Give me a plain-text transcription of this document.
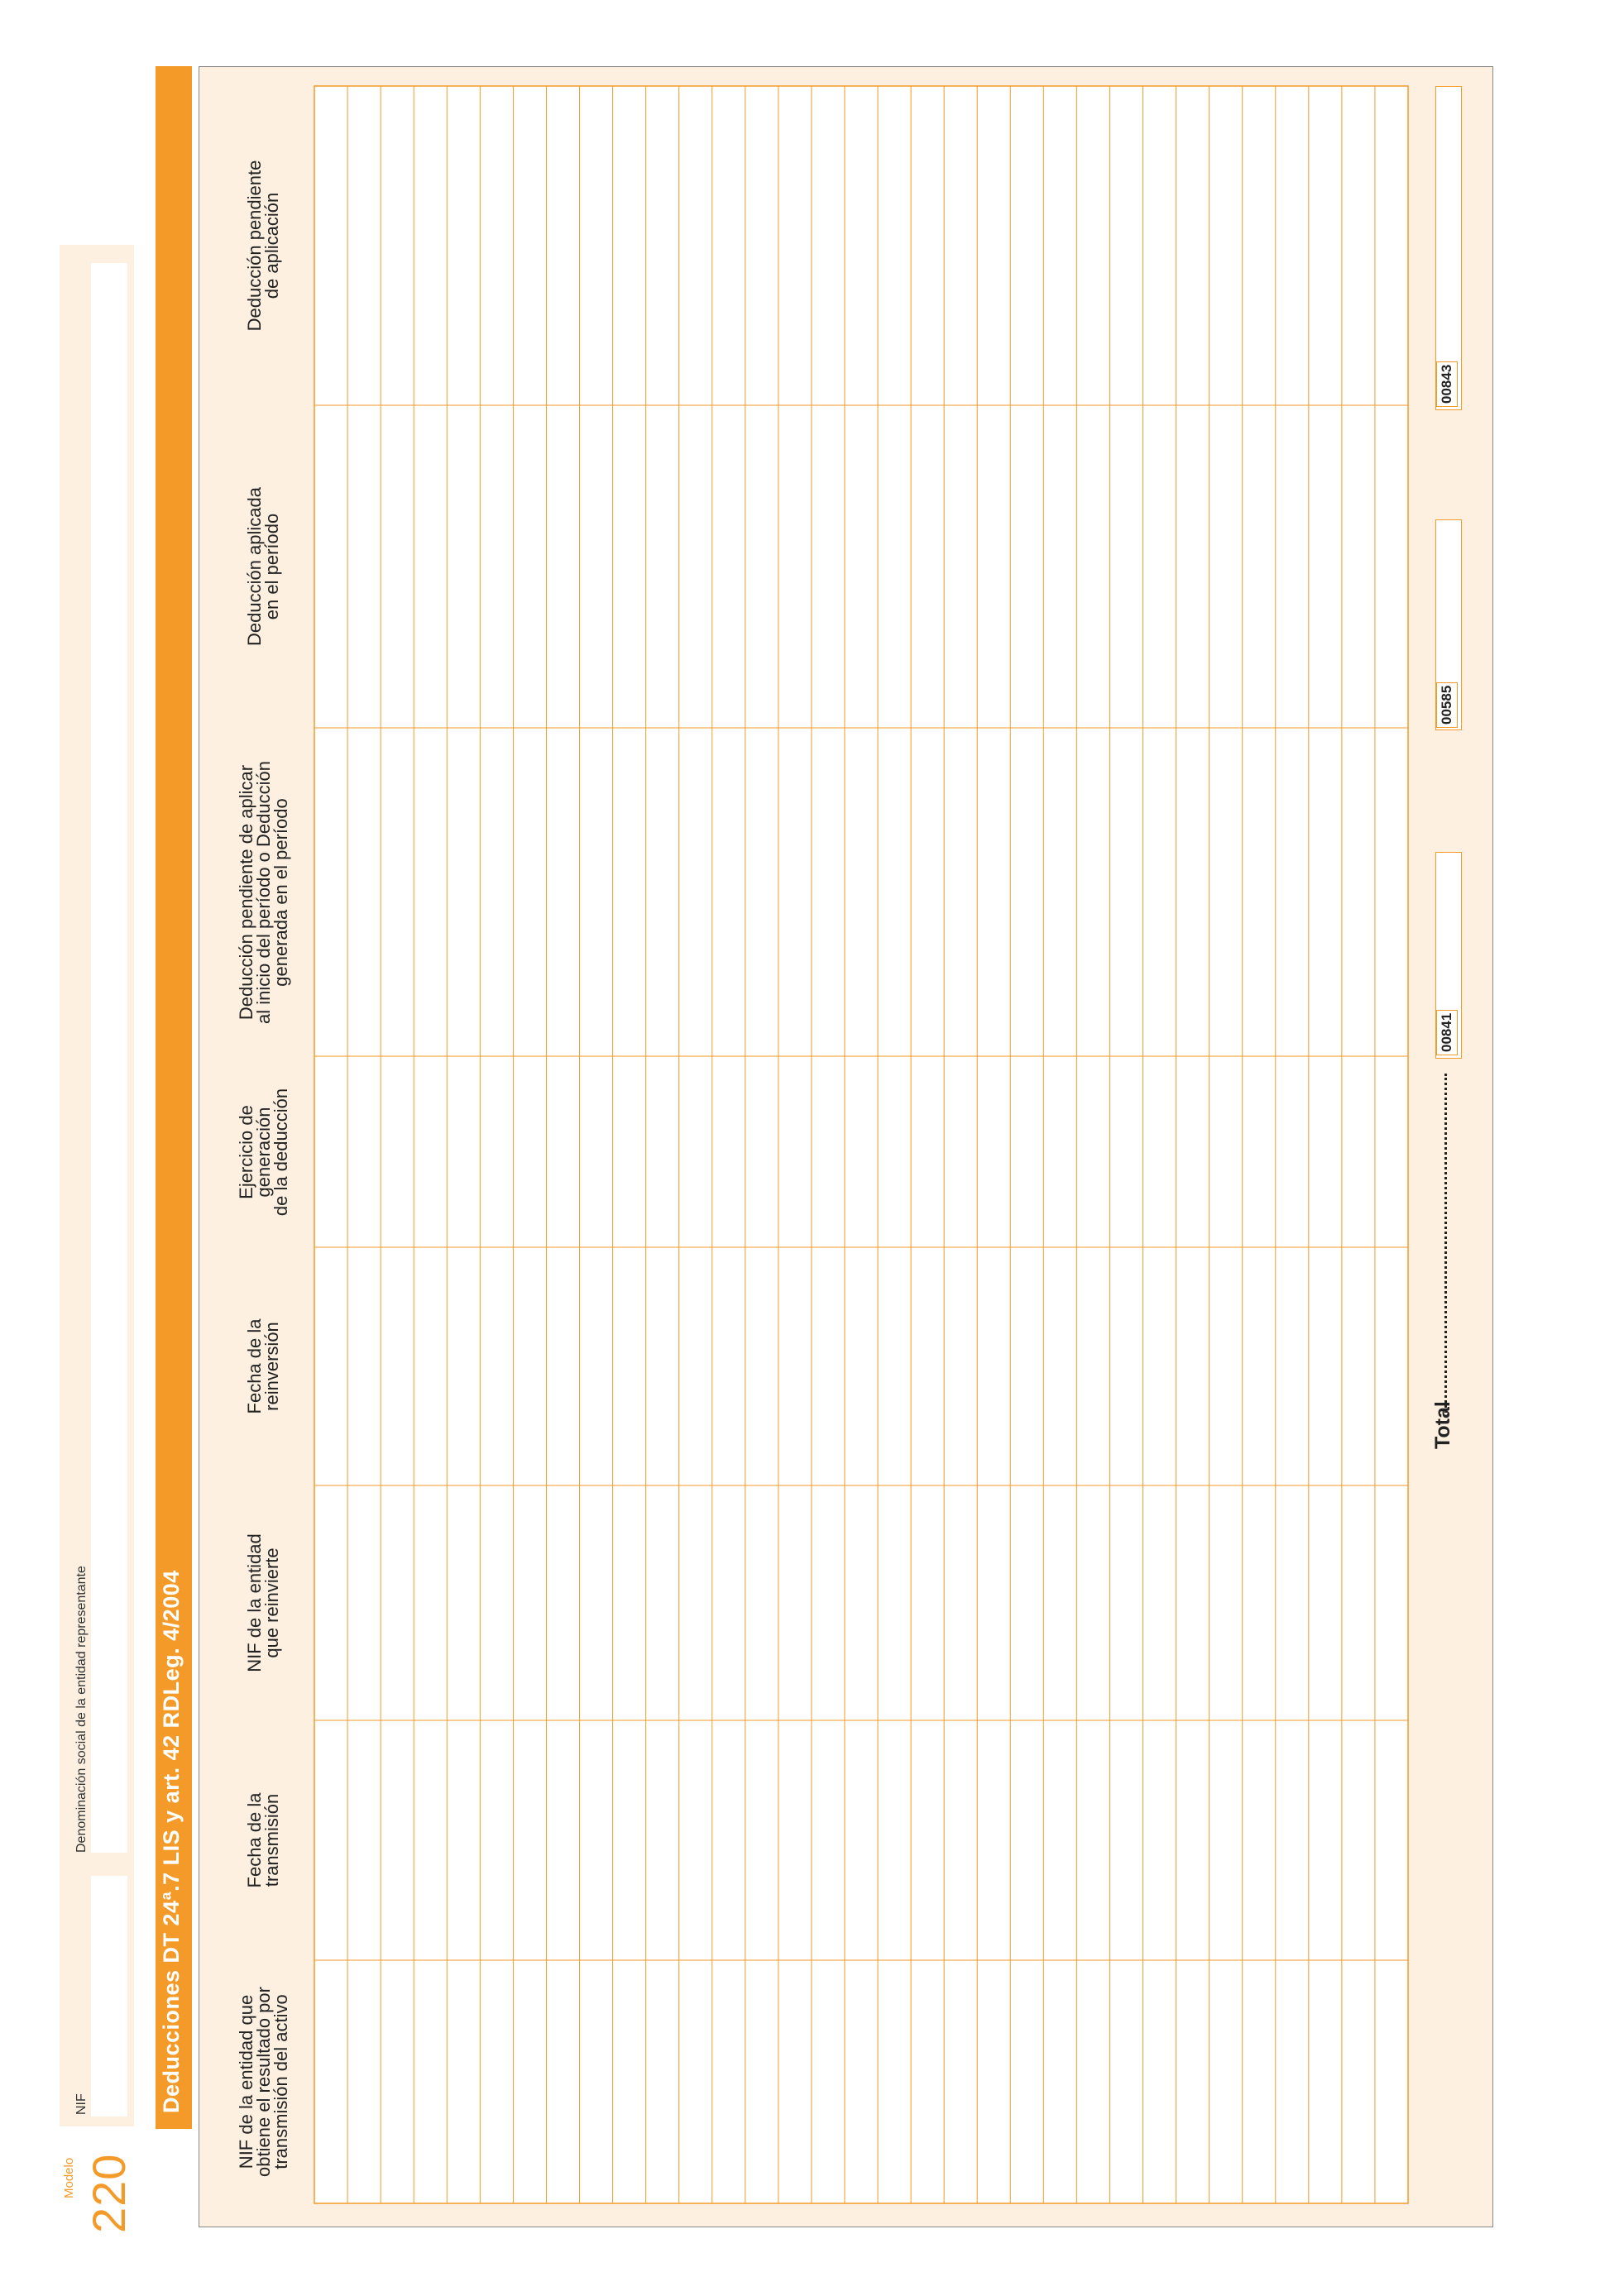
Modelo 220
NIF
Denominación social de la entidad representante	Deducciones DT 24ª.7 LIS y art. 42 RDLeg. 4/2004	NIF de la entidad que
obtiene el resultado por
transmisión del activo
Fecha de la
transmisión
NIF de la entidad
que reinvierte
Fecha de la
reinversión
Ejercicio de
generación
de la deducción
Deducción pendiente de aplicar
al inicio del período o Deducción
generada en el período
Deducción aplicada
en el período
Deducción pendiente
de aplicación
Total
00841
00585
00843
